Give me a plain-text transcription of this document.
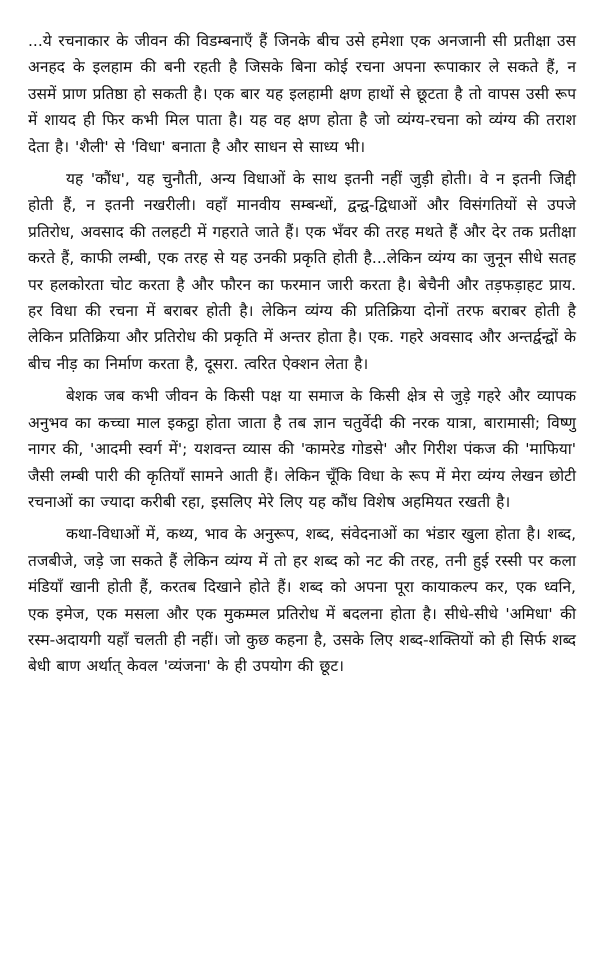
...ये रचनाकार के जीवन की विडम्बनाएँ हैं जिनके बीच उसे हमेशा एक अनजानी सी प्रतीक्षा उस अनहद के इलहाम की बनी रहती है जिसके बिना कोई रचना अपना रूपाकार ले सकते हैं, न उसमें प्राण प्रतिष्ठा हो सकती है। एक बार यह इलहामी क्षण हाथों से छूटता है तो वापस उसी रूप में शायद ही फिर कभी मिल पाता है। यह वह क्षण होता है जो व्यंग्य-रचना को व्यंग्य की तराश देता है। 'शैली' से 'विधा' बनाता है और साधन से साध्य भी।

यह 'कौंध', यह चुनौती, अन्य विधाओं के साथ इतनी नहीं जुड़ी होती। वे न इतनी जिद्दी होती हैं, न इतनी नखरीली। वहाँ मानवीय सम्बन्धों, द्वन्द्व-द्विधाओं और विसंगतियों से उपजे प्रतिरोध, अवसाद की तलहटी में गहराते जाते हैं। एक भँवर की तरह मथते हैं और देर तक प्रतीक्षा करते हैं, काफी लम्बी, एक तरह से यह उनकी प्रकृति होती है...लेकिन व्यंग्य का जुनून सीधे सतह पर हलकोरता चोट करता है और फौरन का फरमान जारी करता है। बेचैनी और तड़फड़ाहट प्राय. हर विधा की रचना में बराबर होती है। लेकिन व्यंग्य की प्रतिक्रिया दोनों तरफ बराबर होती है लेकिन प्रतिक्रिया और प्रतिरोध की प्रकृति में अन्तर होता है। एक. गहरे अवसाद और अन्तर्द्वन्द्वों के बीच नीड़ का निर्माण करता है, दूसरा. त्वरित ऐक्शन लेता है।

बेशक जब कभी जीवन के किसी पक्ष या समाज के किसी क्षेत्र से जुड़े गहरे और व्यापक अनुभव का कच्चा माल इकट्ठा होता जाता है तब ज्ञान चतुर्वेदी की नरक यात्रा, बारामासी; विष्णु नागर की, 'आदमी स्वर्ग में'; यशवन्त व्यास की 'कामरेड गोडसे' और गिरीश पंकज की 'माफिया' जैसी लम्बी पारी की कृतियाँ सामने आती हैं। लेकिन चूँकि विधा के रूप में मेरा व्यंग्य लेखन छोटी रचनाओं का ज्यादा करीबी रहा, इसलिए मेरे लिए यह कौंध विशेष अहमियत रखती है।

कथा-विधाओं में, कथ्य, भाव के अनुरूप, शब्द, संवेदनाओं का भंडार खुला होता है। शब्द, तजबीजे, जड़े जा सकते हैं लेकिन व्यंग्य में तो हर शब्द को नट की तरह, तनी हुई रस्सी पर कला मंडियाँ खानी होती हैं, करतब दिखाने होते हैं। शब्द को अपना पूरा कायाकल्प कर, एक ध्वनि, एक इमेज, एक मसला और एक मुकम्मल प्रतिरोध में बदलना होता है। सीधे-सीधे 'अमिधा' की रस्म-अदायगी यहाँ चलती ही नहीं। जो कुछ कहना है, उसके लिए शब्द-शक्तियों को ही सिर्फ शब्द बेधी बाण अर्थात् केवल 'व्यंजना' के ही उपयोग की छूट।
